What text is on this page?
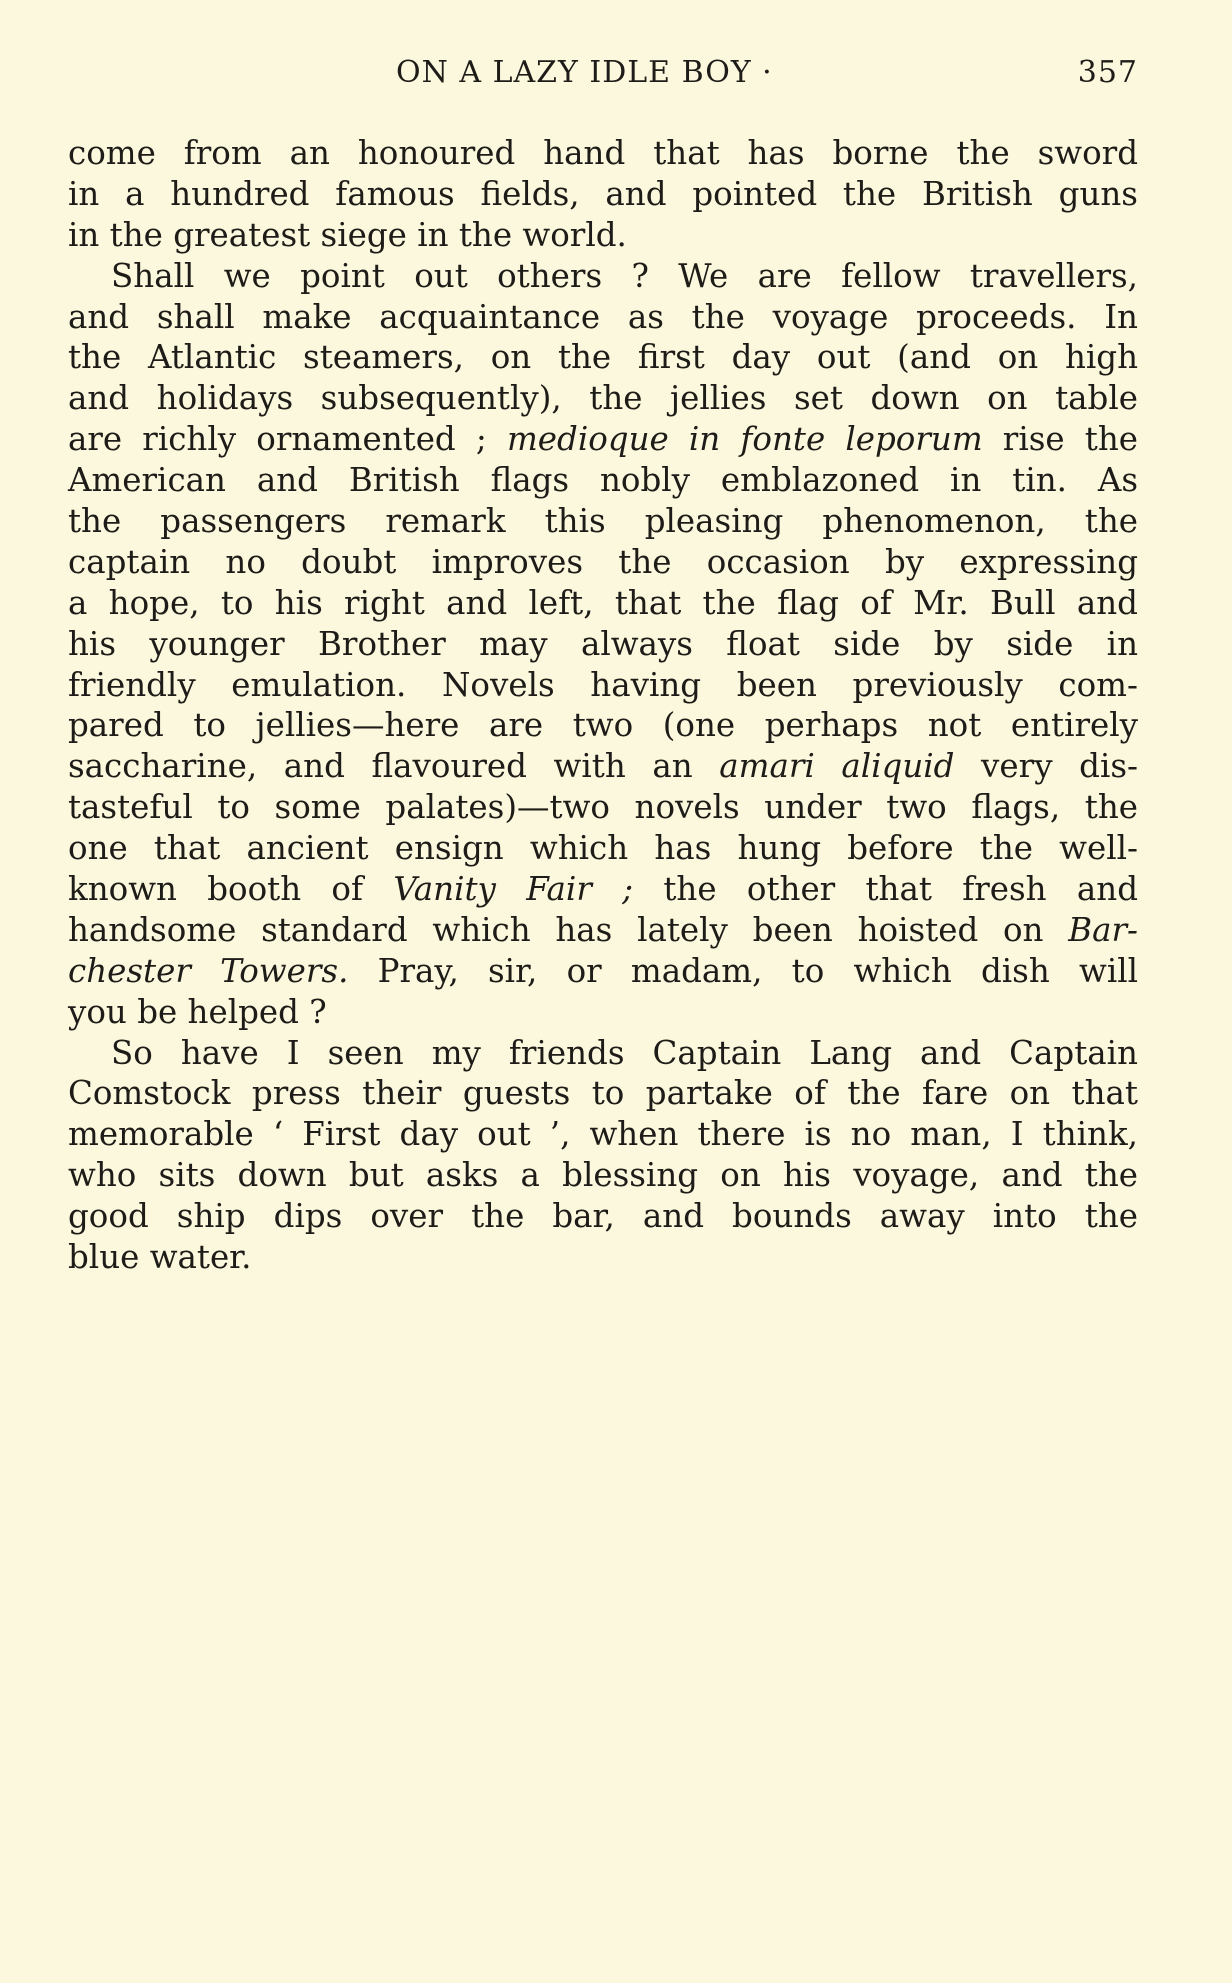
ON A LAZY IDLE BOY ·	357
come from an honoured hand that has borne the sword
in a hundred famous fields, and pointed the British guns
in the greatest siege in the world.
Shall we point out others ? We are fellow travellers,
and shall make acquaintance as the voyage proceeds. In
the Atlantic steamers, on the first day out (and on high
and holidays subsequently), the jellies set down on table
are richly ornamented ; medioque in fonte leporum rise the
American and British flags nobly emblazoned in tin. As
the passengers remark this pleasing phenomenon, the
captain no doubt improves the occasion by expressing
a hope, to his right and left, that the flag of Mr. Bull and
his younger Brother may always float side by side in
friendly emulation. Novels having been previously com-
pared to jellies—here are two (one perhaps not entirely
saccharine, and flavoured with an amari aliquid very dis-
tasteful to some palates)—two novels under two flags, the
one that ancient ensign which has hung before the well-
known booth of Vanity Fair ; the other that fresh and
handsome standard which has lately been hoisted on Bar-
chester Towers. Pray, sir, or madam, to which dish will
you be helped ?
So have I seen my friends Captain Lang and Captain
Comstock press their guests to partake of the fare on that
memorable ‘ First day out ’, when there is no man, I think,
who sits down but asks a blessing on his voyage, and the
good ship dips over the bar, and bounds away into the
blue water.
